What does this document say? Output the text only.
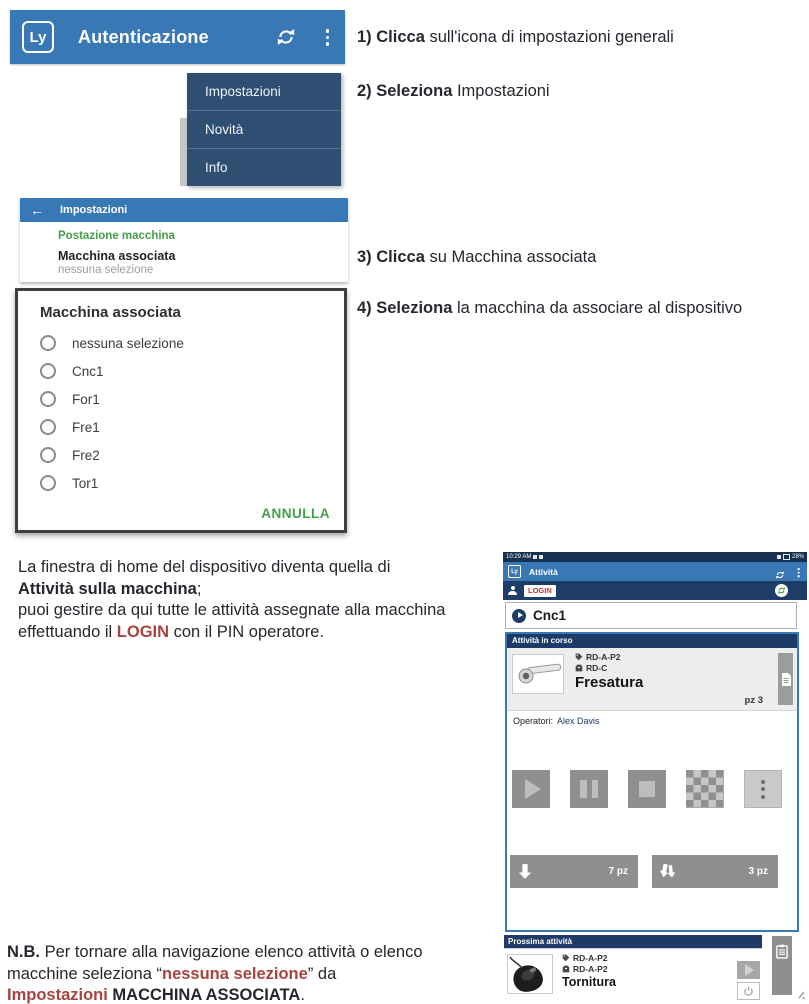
Ly Autenticazione
Impostazioni
Novità
Info
← Impostazioni
Postazione macchina
Macchina associata
nessuna selezione
Macchina associata
nessuna selezione
Cnc1
For1
Fre1
Fre2
Tor1
ANNULLA
1) Clicca sull'icona di impostazioni generali
2) Seleziona Impostazioni
3) Clicca su Macchina associata
4) Seleziona la macchina da associare al dispositivo
La finestra di home del dispositivo diventa quella di
Attività sulla macchina;
puoi gestire da qui tutte le attività assegnate alla macchina
effettuando il LOGIN con il PIN operatore.
N.B. Per tornare alla navigazione elenco attività o elenco
macchine seleziona “nessuna selezione” da
Impostazioni MACCHINA ASSOCIATA.
10:29 AM	28%
Ly Attività
LOGIN
Cnc1
Attività in corso
RD-A-P2
RD-C
Fresatura
pz 3
Operatori: Alex Davis
7 pz	3 pz
Prossima attività
RD-A-P2
RD-A-P2
Tornitura
